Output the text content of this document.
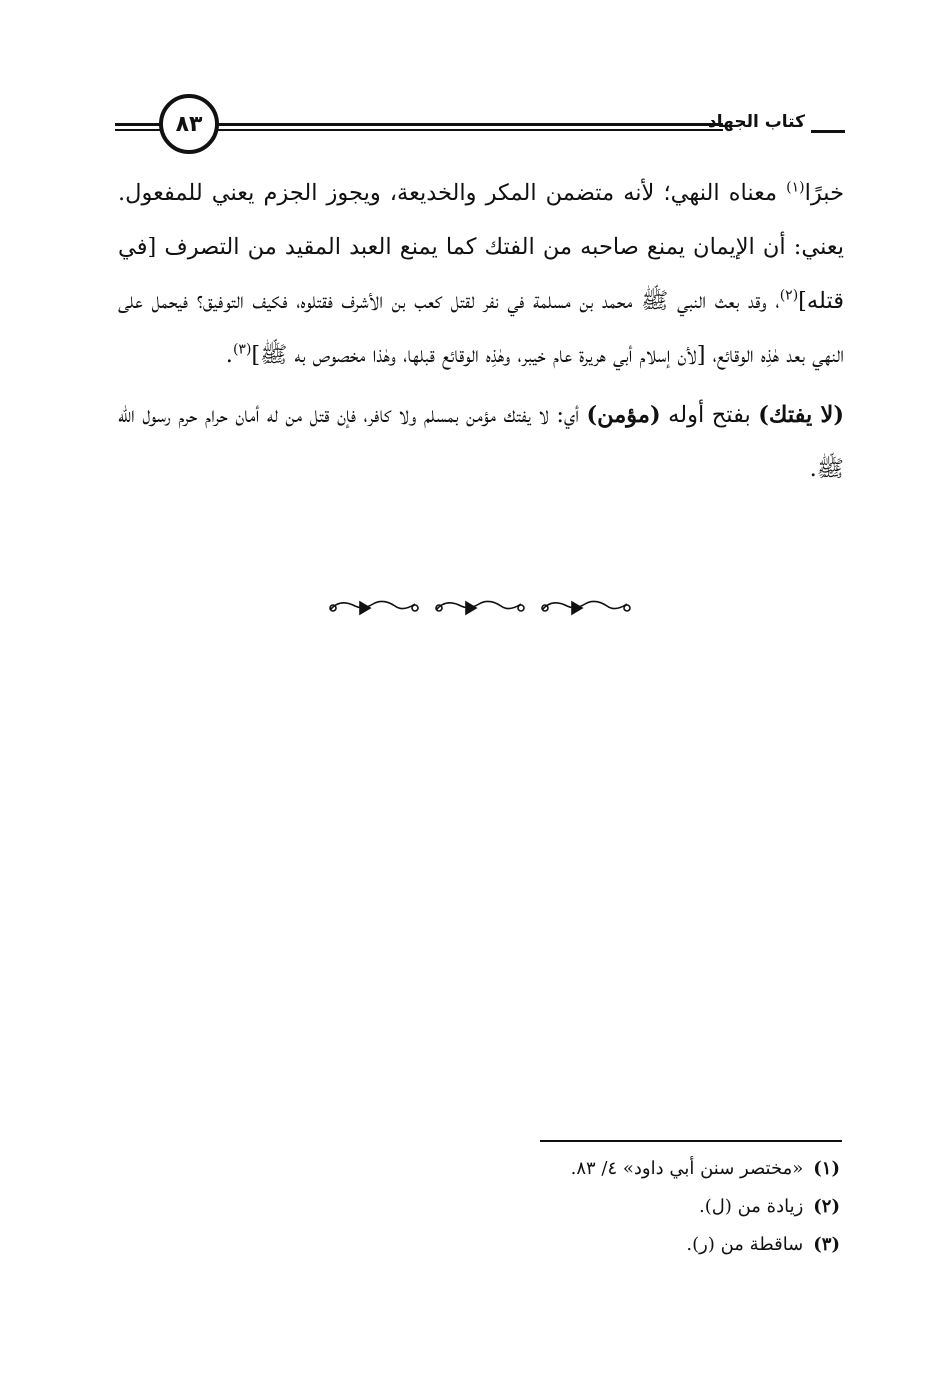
٨٣	كتاب الجهاد

خبرًا$^{(١)}$ معناه النهي؛ لأنه متضمن المكر والخديعة، ويجوز الجزم يعني للمفعول. يعني: أن الإيمان يمنع صاحبه من الفتك كما يمنع العبد المقيد من التصرف [في قتله]$^{(٢)}$، وقد بعث النبي ﷺ محمد بن مسلمة في نفر لقتل كعب بن الأشرف فقتلوه، فكيف التوفيق؟ فيحمل على النهي بعد هٰذِه الوقائع، [لأن إسلام أبي هريرة عام خيبر، وهٰذِه الوقائع قبلها، وهٰذا مخصوص به ﷺ]$^{(٣)}$.

(لا يفتك) بفتح أوله (مؤمن) أي: لا يفتك مؤمن بمسلم ولا كافر، فإن قتل من له أمان حرام حرم رسول الله ﷺ.

(١)«مختصر سنن أبي داود» ٤/ ٨٣.

(٢)زيادة من (ل).

(٣)ساقطة من (ر).
